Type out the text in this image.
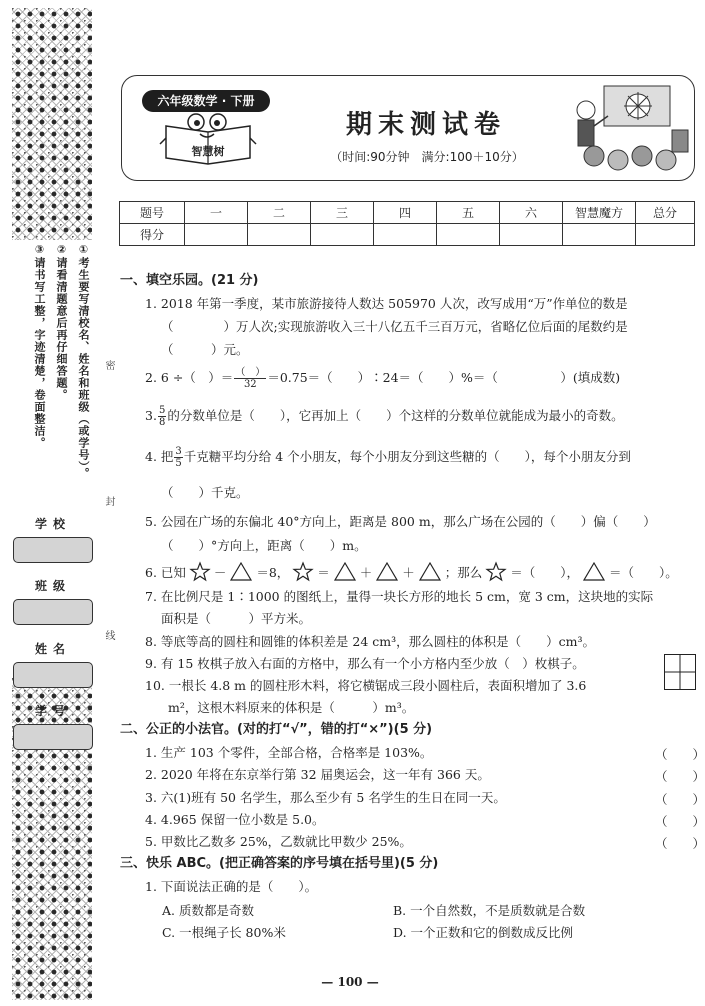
①考生要写清校名、姓名和班级（或学号）。
②请看清题意后再仔细答题。
③请书写工整，字迹清楚，卷面整洁。
学校
班级
姓名
学号
密
封
线
六年级数学 · 下册
智慧树
期末测试卷
（时间:90分钟　满分:100＋10分）
题号	一	二	三	四	五	六	智慧魔方	总分
得分								
一、填空乐园。(21 分)
1. 2018 年第一季度，某市旅游接待人数达 505970 人次，改写成用“万”作单位的数是
（　　　　）万人次;实现旅游收入三十八亿五千三百万元，省略亿位后面的尾数约是
（　　　）元。
2. 6 ÷（　）＝ $\frac{( )}{32} =0.75=$（　　）∶24＝（　　）%＝（　　　　　）(填成数)
3. $\frac{5}{8}$ 的分数单位是（　　），它再加上（　　）个这样的分数单位就能成为最小的奇数。
4. 把 $\frac{3}{5}$ 千克糖平均分给 4 个小朋友，每个小朋友分到这些糖的（　　），每个小朋友分到
（　　）千克。
5. 公园在广场的东偏北 40°方向上，距离是 800 m，那么广场在公园的（　　）偏（　　）
（　　）°方向上，距离（　　）m。
6. 已知 － ＝8， ＝ ＋ ＋ ；那么 ＝（　　）， ＝（　　）。
7. 在比例尺是 1∶1000 的图纸上，量得一块长方形的地长 5 cm，宽 3 cm，这块地的实际
面积是（　　　）平方米。
8. 等底等高的圆柱和圆锥的体积差是 24 cm³，那么圆柱的体积是（　　）cm³。
9. 有 15 枚棋子放入右面的方格中，那么有一个小方格内至少放（　）枚棋子。
10. 一根长 4.8 m 的圆柱形木料，将它横锯成三段小圆柱后，表面积增加了 3.6
m²，这根木料原来的体积是（　　　）m³。
二、公正的小法官。(对的打“√”，错的打“×”)(5 分)
1. 生产 103 个零件，全部合格，合格率是 103%。	（　　）
2. 2020 年将在东京举行第 32 届奥运会，这一年有 366 天。	（　　）
3. 六(1)班有 50 名学生，那么至少有 5 名学生的生日在同一天。	（　　）
4. 4.965 保留一位小数是 5.0。	（　　）
5. 甲数比乙数多 25%，乙数就比甲数少 25%。	（　　）
三、快乐 ABC。(把正确答案的序号填在括号里)(5 分)
1. 下面说法正确的是（　　）。
A. 质数都是奇数	B. 一个自然数，不是质数就是合数
C. 一根绳子长 80%米	D. 一个正数和它的倒数成反比例
— 100 —
